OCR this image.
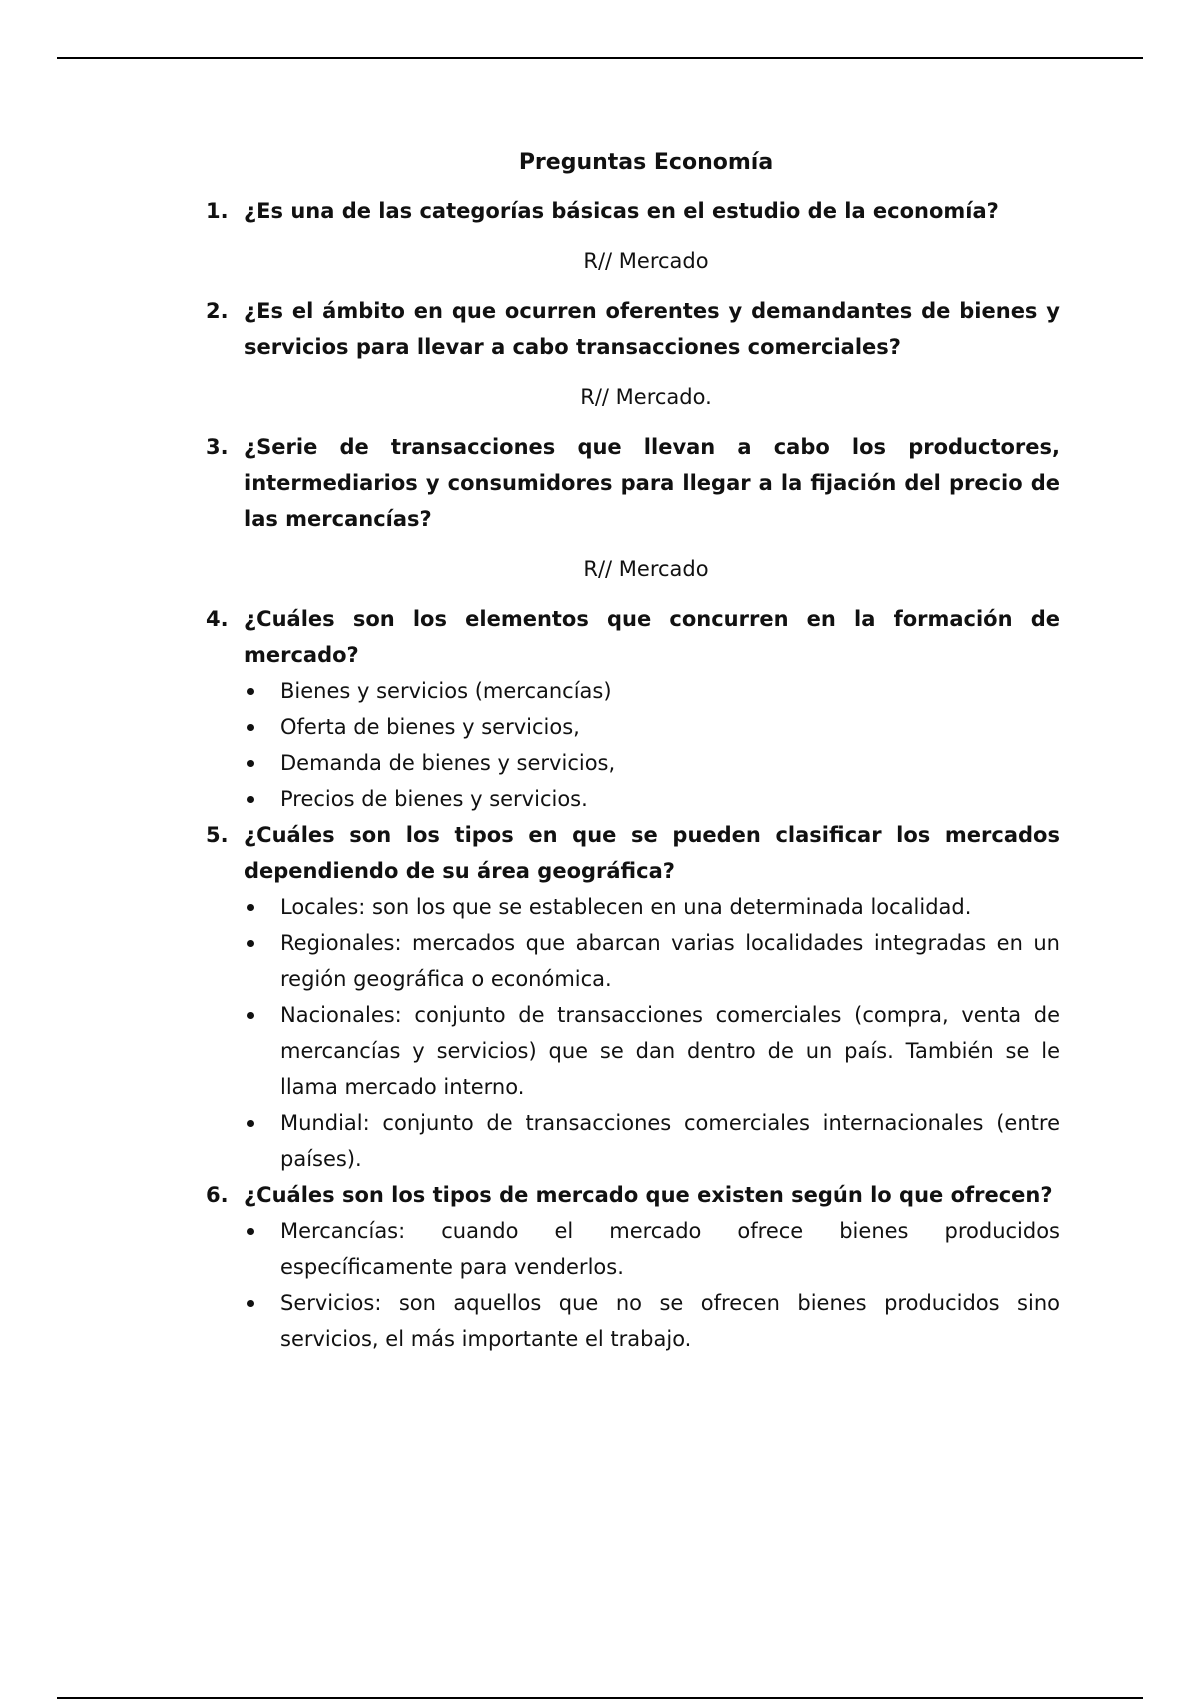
Preguntas Economía
1. ¿Es una de las categorías básicas en el estudio de la economía?
R// Mercado
2. ¿Es el ámbito en que ocurren oferentes y demandantes de bienes y servicios para llevar a cabo transacciones comerciales?
R// Mercado.
3. ¿Serie de transacciones que llevan a cabo los productores, intermediarios y consumidores para llegar a la fijación del precio de las mercancías?
R// Mercado
4. ¿Cuáles son los elementos que concurren en la formación de mercado?
Bienes y servicios (mercancías)
Oferta de bienes y servicios,
Demanda de bienes y servicios,
Precios de bienes y servicios.
5. ¿Cuáles son los tipos en que se pueden clasificar los mercados dependiendo de su área geográfica?
Locales: son los que se establecen en una determinada localidad.
Regionales: mercados que abarcan varias localidades integradas en un región geográfica o económica.
Nacionales: conjunto de transacciones comerciales (compra, venta de mercancías y servicios) que se dan dentro de un país. También se le llama mercado interno.
Mundial: conjunto de transacciones comerciales internacionales (entre países).
6. ¿Cuáles son los tipos de mercado que existen según lo que ofrecen?
Mercancías: cuando el mercado ofrece bienes producidos específicamente para venderlos.
Servicios: son aquellos que no se ofrecen bienes producidos sino servicios, el más importante el trabajo.
